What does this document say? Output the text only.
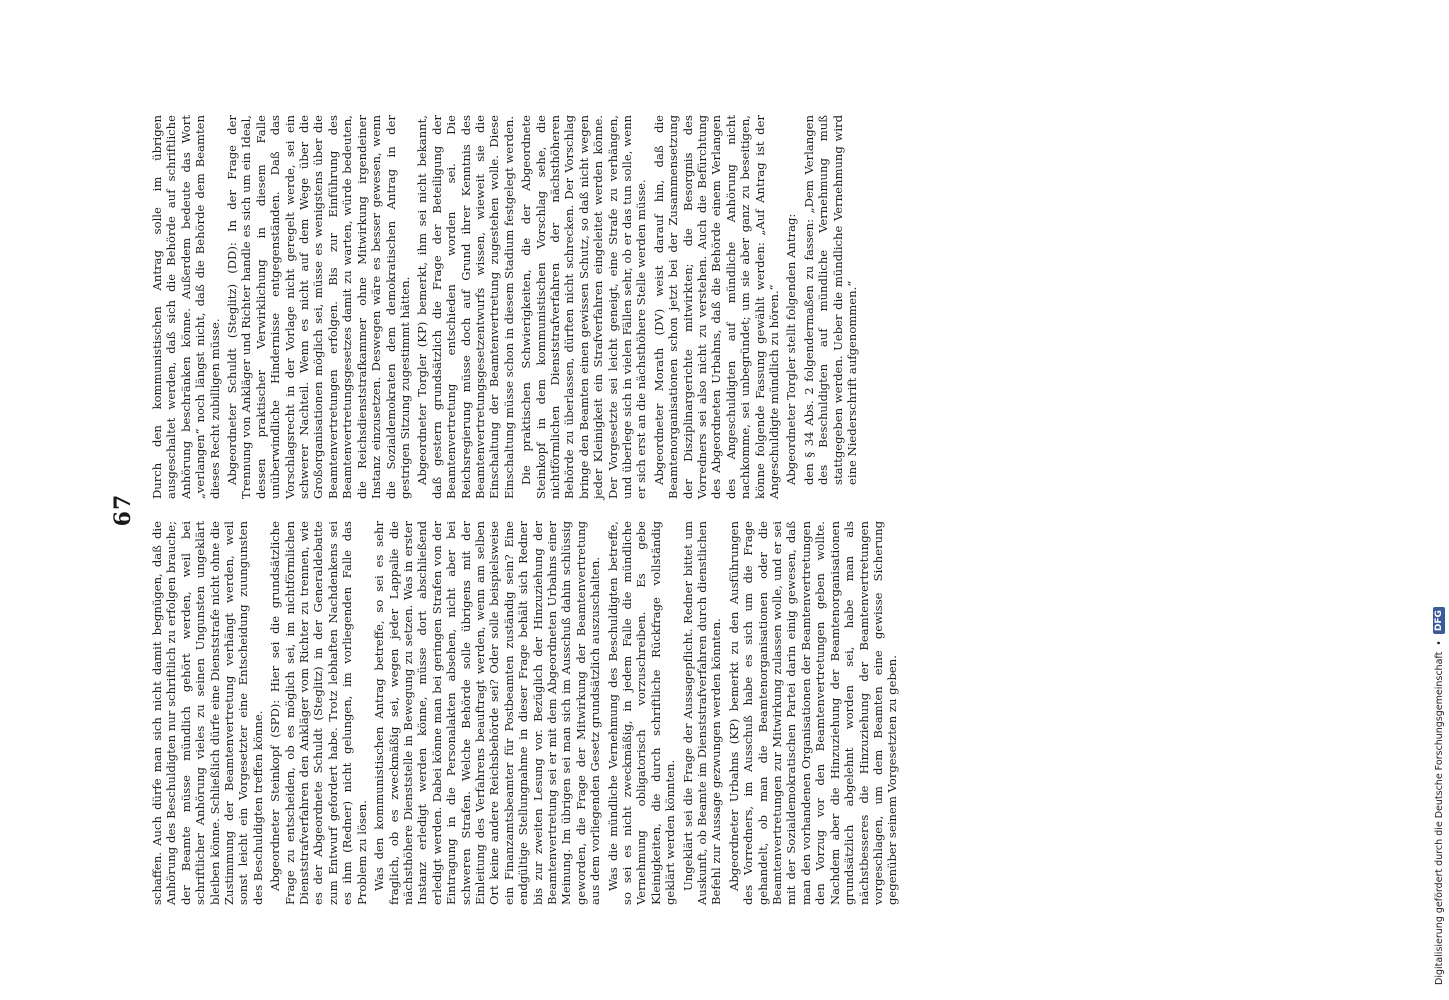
67

schaffen. Auch dürfe man sich nicht damit begnügen, daß die Anhörung des Beschuldigten nur schriftlich zu erfolgen brauche; der Beamte müsse mündlich gehört werden, weil bei schriftlicher Anhörung vieles zu seinen Ungunsten ungeklärt bleiben könne. Schließlich dürfe eine Dienststrafe nicht ohne die Zustimmung der Beamtenvertretung verhängt werden, weil sonst leicht ein Vorgesetzter eine Entscheidung zuungunsten des Beschuldigten treffen könne. Abgeordneter Steinkopf (SPD): Hier sei die grundsätzliche Frage zu entscheiden, ob es möglich sei, im nichtförmlichen Dienststrafverfahren den Ankläger vom Richter zu trennen, wie es der Abgeordnete Schuldt (Steglitz) in der Generaldebatte zum Entwurf gefordert habe. Trotz lebhaften Nachdenkens sei es ihm (Redner) nicht gelungen, im vorliegenden Falle das Problem zu lösen. Was den kommunistischen Antrag betreffe, so sei es sehr fraglich, ob es zweckmäßig sei, wegen jeder Lappalie die nächsthöhere Dienststelle in Bewegung zu setzen. Was in erster Instanz erledigt werden könne, müsse dort abschließend erledigt werden. Dabei könne man bei geringen Strafen von der Eintragung in die Personalakten absehen, nicht aber bei schweren Strafen. Welche Behörde solle übrigens mit der Einleitung des Verfahrens beauftragt werden, wenn am selben Ort keine andere Reichsbehörde sei? Oder solle beispielsweise ein Finanzamtsbeamter für Postbeamten zuständig sein? Eine endgültige Stellungnahme in dieser Frage behält sich Redner bis zur zweiten Lesung vor. Bezüglich der Hinzuziehung der Beamtenvertretung sei er mit dem Abgeordneten Urbahns einer Meinung. Im übrigen sei man sich im Ausschuß dahin schlüssig geworden, die Frage der Mitwirkung der Beamtenvertretung aus dem vorliegenden Gesetz grundsätzlich auszuschalten. Was die mündliche Vernehmung des Beschuldigten betreffe, so sei es nicht zweckmäßig, in jedem Falle die mündliche Vernehmung obligatorisch vorzuschreiben. Es gebe Kleinigkeiten, die durch schriftliche Rückfrage vollständig geklärt werden könnten. Ungeklärt sei die Frage der Aussagepflicht. Redner bittet um Auskunft, ob Beamte im Dienststrafverfahren durch dienstlichen Befehl zur Aussage gezwungen werden könnten. Abgeordneter Urbahns (KP) bemerkt zu den Ausführungen des Vorredners, im Ausschuß habe es sich um die Frage gehandelt, ob man die Beamtenorganisationen oder die Beamtenvertretungen zur Mitwirkung zulassen wolle, und er sei mit der Sozialdemokratischen Partei darin einig gewesen, daß man den vorhandenen Organisationen der Beamtenvertretungen den Vorzug vor den Beamtenvertretungen geben wollte. Nachdem aber die Hinzuziehung der Beamtenorganisationen grundsätzlich abgelehnt worden sei, habe man als nächstbesseres die Hinzuziehung der Beamtenvertretungen vorgeschlagen, um dem Beamten eine gewisse Sicherung gegenüber seinem Vorgesetzten zu geben.

Durch den kommunistischen Antrag solle im übrigen ausgeschaltet werden, daß sich die Behörde auf schriftliche Anhörung beschränken könne. Außerdem bedeute das Wort „verlangen“ noch längst nicht, daß die Behörde dem Beamten dieses Recht zubilligen müsse. Abgeordneter Schuldt (Steglitz) (DD): In der Frage der Trennung von Ankläger und Richter handle es sich um ein Ideal, dessen praktischer Verwirklichung in diesem Falle unüberwindliche Hindernisse entgegenständen. Daß das Vorschlagsrecht in der Vorlage nicht geregelt werde, sei ein schwerer Nachteil. Wenn es nicht auf dem Wege über die Großorganisationen möglich sei, müsse es wenigstens über die Beamtenvertretungen erfolgen. Bis zur Einführung des Beamtenvertretungsgesetzes damit zu warten, würde bedeuten, die Reichsdienststrafkammer ohne Mitwirkung irgendeiner Instanz einzusetzen. Deswegen wäre es besser gewesen, wenn die Sozialdemokraten dem demokratischen Antrag in der gestrigen Sitzung zugestimmt hätten. Abgeordneter Torgler (KP) bemerkt, ihm sei nicht bekannt, daß gestern grundsätzlich die Frage der Beteiligung der Beamtenvertretung entschieden worden sei. Die Reichsregierung müsse doch auf Grund ihrer Kenntnis des Beamtenvertretungsgesetzentwurfs wissen, wieweit sie die Einschaltung der Beamtenvertretung zugestehen wolle. Diese Einschaltung müsse schon in diesem Stadium festgelegt werden. Die praktischen Schwierigkeiten, die der Abgeordnete Steinkopf in dem kommunistischen Vorschlag sehe, die nichtförmlichen Dienststrafverfahren der nächsthöheren Behörde zu überlassen, dürften nicht schrecken. Der Vorschlag bringe den Beamten einen gewissen Schutz, so daß nicht wegen jeder Kleinigkeit ein Strafverfahren eingeleitet werden könne. Der Vorgesetzte sei leicht geneigt, eine Strafe zu verhängen, und überlege sich in vielen Fällen sehr, ob er das tun solle, wenn er sich erst an die nächsthöhere Stelle werden müsse. Abgeordneter Morath (DV) weist darauf hin, daß die Beamtenorganisationen schon jetzt bei der Zusammensetzung der Disziplinargerichte mitwirkten; die Besorgnis des Vorredners sei also nicht zu verstehen. Auch die Befürchtung des Abgeordneten Urbahns, daß die Behörde einem Verlangen des Angeschuldigten auf mündliche Anhörung nicht nachkomme, sei unbegründet; um sie aber ganz zu beseitigen, könne folgende Fassung gewählt werden: „Auf Antrag ist der Angeschuldigte mündlich zu hören.“ Abgeordneter Torgler stellt folgenden Antrag: den § 34 Abs. 2 folgendermaßen zu fassen: „Dem Verlangen des Beschuldigten auf mündliche Vernehmung muß stattgegeben werden. Ueber die mündliche Vernehmung wird eine Niederschrift aufgenommen.“

Digitalisierung gefördert durch die Deutsche Forschungsgemeinschaft
•
DFG
